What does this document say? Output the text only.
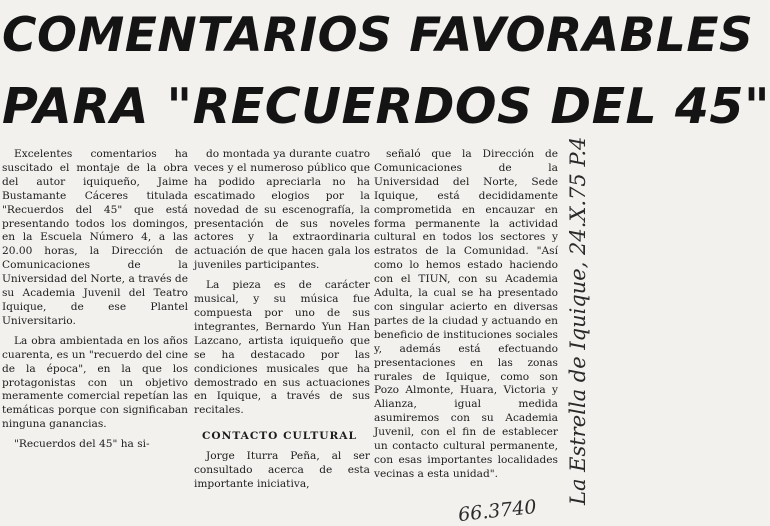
COMENTARIOS FAVORABLES
PARA "RECUERDOS DEL 45"

Excelentes comentarios ha suscitado el montaje de la obra del autor iquiqueño, Jaime Bustamante Cáceres titulada "Recuerdos del 45" que está presentando todos los domingos, en la Escuela Número 4, a las 20.00 horas, la Dirección de Comunicaciones de la Universidad del Norte, a través de su Academia Juvenil del Teatro Iquique, de ese Plantel Universitario.

La obra ambientada en los años cuarenta, es un "recuerdo del cine de la época", en la que los protagonistas con un objetivo meramente comercial repetían las temáticas porque con significaban ninguna ganancias.

"Recuerdos del 45" ha si-

do montada ya durante cuatro veces y el numeroso público que ha podido apreciarla no ha escatimado elogios por la novedad de su escenografía, la presentación de sus noveles actores y la extraordinaria actuación de que hacen gala los juveniles participantes.

La pieza es de carácter musical, y su música fue compuesta por uno de sus integrantes, Bernardo Yun Han Lazcano, artista iquiqueño que se ha destacado por las condiciones musicales que ha demostrado en sus actuaciones en Iquique, a través de sus recitales.

CONTACTO CULTURAL

Jorge Iturra Peña, al ser consultado acerca de esta importante iniciativa,

señaló que la Dirección de Comunicaciones de la Universidad del Norte, Sede Iquique, está decididamente comprometida en encauzar en forma permanente la actividad cultural en todos los sectores y estratos de la Comunidad. "Así como lo hemos estado haciendo con el TIUN, con su Academia Adulta, la cual se ha presentado con singular acierto en diversas partes de la ciudad y actuando en beneficio de instituciones sociales y, además está efectuando presentaciones en las zonas rurales de Iquique, como son Pozo Almonte, Huara, Victoria y Alianza, igual medida asumiremos con su Academia Juvenil, con el fin de establecer un contacto cultural permanente, con esas importantes localidades vecinas a esta unidad".	La Estrella de Iquique, 24.X.75 P.4
66.3740
